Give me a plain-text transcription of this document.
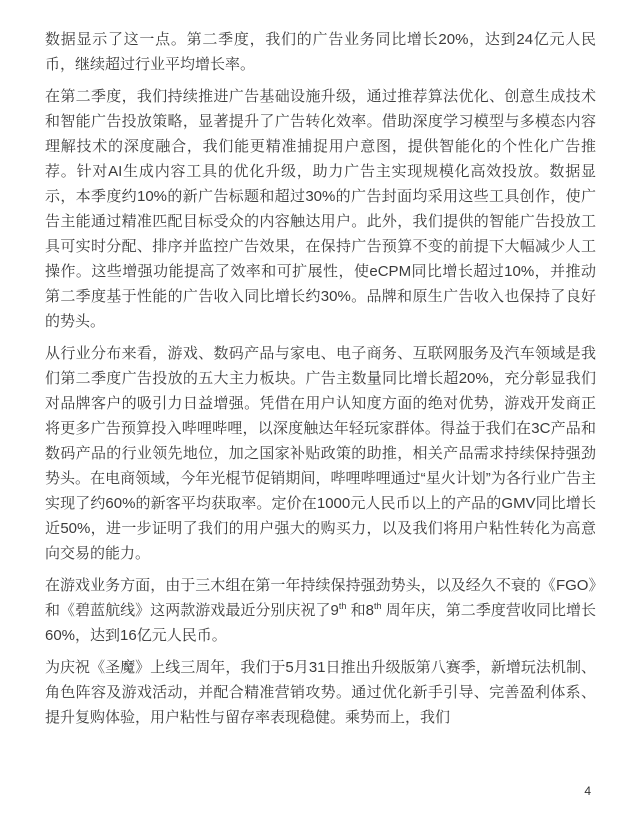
数据显示了这一点。第二季度，我们的广告业务同比增长20%，达到24亿元人民币，继续超过行业平均增长率。

在第二季度，我们持续推进广告基础设施升级，通过推荐算法优化、创意生成技术和智能广告投放策略，显著提升了广告转化效率。借助深度学习模型与多模态内容理解技术的深度融合，我们能更精准捕捉用户意图，提供智能化的个性化广告推荐。针对AI生成内容工具的优化升级，助力广告主实现规模化高效投放。数据显示，本季度约10%的新广告标题和超过30%的广告封面均采用这些工具创作，使广告主能通过精准匹配目标受众的内容触达用户。此外，我们提供的智能广告投放工具可实时分配、排序并监控广告效果，在保持广告预算不变的前提下大幅减少人工操作。这些增强功能提高了效率和可扩展性，使eCPM同比增长超过10%，并推动第二季度基于性能的广告收入同比增长约30%。品牌和原生广告收入也保持了良好的势头。

从行业分布来看，游戏、数码产品与家电、电子商务、互联网服务及汽车领域是我们第二季度广告投放的五大主力板块。广告主数量同比增长超20%，充分彰显我们对品牌客户的吸引力日益增强。凭借在用户认知度方面的绝对优势，游戏开发商正将更多广告预算投入哔哩哔哩，以深度触达年轻玩家群体。得益于我们在3C产品和数码产品的行业领先地位，加之国家补贴政策的助推，相关产品需求持续保持强劲势头。在电商领域，今年光棍节促销期间，哔哩哔哩通过“星火计划”为各行业广告主实现了约60%的新客平均获取率。定价在1000元人民币以上的产品的GMV同比增长近50%，进一步证明了我们的用户强大的购买力，以及我们将用户粘性转化为高意向交易的能力。

在游戏业务方面，由于三木组在第一年持续保持强劲势头，以及经久不衰的《FGO》和《碧蓝航线》这两款游戏最近分别庆祝了9th 和8th 周年庆，第二季度营收同比增长60%，达到16亿元人民币。

为庆祝《圣魔》上线三周年，我们于5月31日推出升级版第八赛季，新增玩法机制、角色阵容及游戏活动，并配合精准营销攻势。通过优化新手引导、完善盈利体系、提升复购体验，用户粘性与留存率表现稳健。乘势而上，我们

4
